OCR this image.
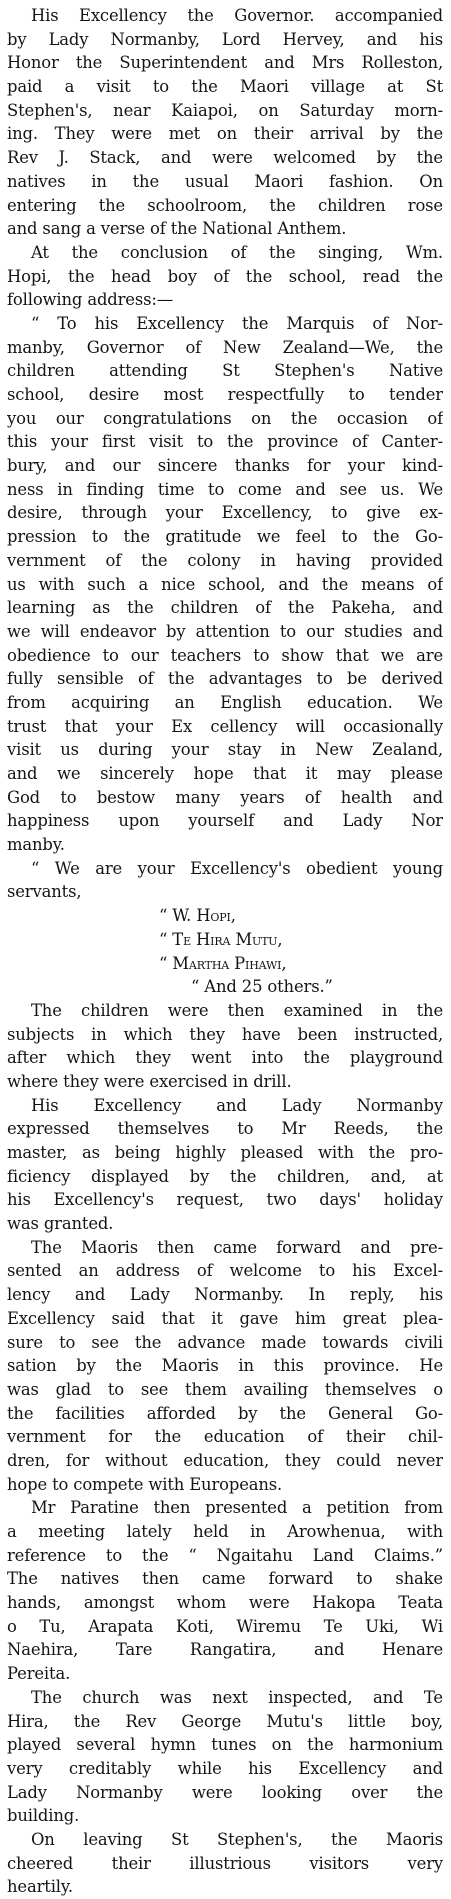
His Excellency the Governor. accompanied
by Lady Normanby, Lord Hervey, and his
Honor the Superintendent and Mrs Rolleston,
paid a visit to the Maori village at St
Stephen's, near Kaiapoi, on Saturday morn-
ing. They were met on their arrival by the
Rev J. Stack, and were welcomed by the
natives in the usual Maori fashion. On
entering the schoolroom, the children rose
and sang a verse of the National Anthem.
At the conclusion of the singing, Wm.
Hopi, the head boy of the school, read the
following address:—
“ To his Excellency the Marquis of Nor-
manby, Governor of New Zealand—We, the
children attending St Stephen's Native
school, desire most respectfully to tender
you our congratulations on the occasion of
this your first visit to the province of Canter-
bury, and our sincere thanks for your kind-
ness in finding time to come and see us. We
desire, through your Excellency, to give ex-
pression to the gratitude we feel to the Go-
vernment of the colony in having provided
us with such a nice school, and the means of
learning as the children of the Pakeha, and
we will endeavor by attention to our studies and
obedience to our teachers to show that we are
fully sensible of the advantages to be derived
from acquiring an English education. We
trust that your Ex cellency will occasionally
visit us during your stay in New Zealand,
and we sincerely hope that it may please
God to bestow many years of health and
happiness upon yourself and Lady Nor
manby.
“ We are your Excellency's obedient young
servants,
“ W. Hopi,
“ Te Hira Mutu,
“ Martha Pihawi,
“ And 25 others.”
The children were then examined in the
subjects in which they have been instructed,
after which they went into the playground
where they were exercised in drill.
His Excellency and Lady Normanby
expressed themselves to Mr Reeds, the
master, as being highly pleased with the pro-
ficiency displayed by the children, and, at
his Excellency's request, two days' holiday
was granted.
The Maoris then came forward and pre-
sented an address of welcome to his Excel-
lency and Lady Normanby. In reply, his
Excellency said that it gave him great plea-
sure to see the advance made towards civili
sation by the Maoris in this province. He
was glad to see them availing themselves o
the facilities afforded by the General Go-
vernment for the education of their chil-
dren, for without education, they could never
hope to compete with Europeans.
Mr Paratine then presented a petition from
a meeting lately held in Arowhenua, with
reference to the “ Ngaitahu Land Claims.”
The natives then came forward to shake
hands, amongst whom were Hakopa Teata
o Tu, Arapata Koti, Wiremu Te Uki, Wi
Naehira, Tare Rangatira, and Henare
Pereita.
The church was next inspected, and Te
Hira, the Rev George Mutu's little boy,
played several hymn tunes on the harmonium
very creditably while his Excellency and
Lady Normanby were looking over the
building.
On leaving St Stephen's, the Maoris
cheered their illustrious visitors very
heartily.
